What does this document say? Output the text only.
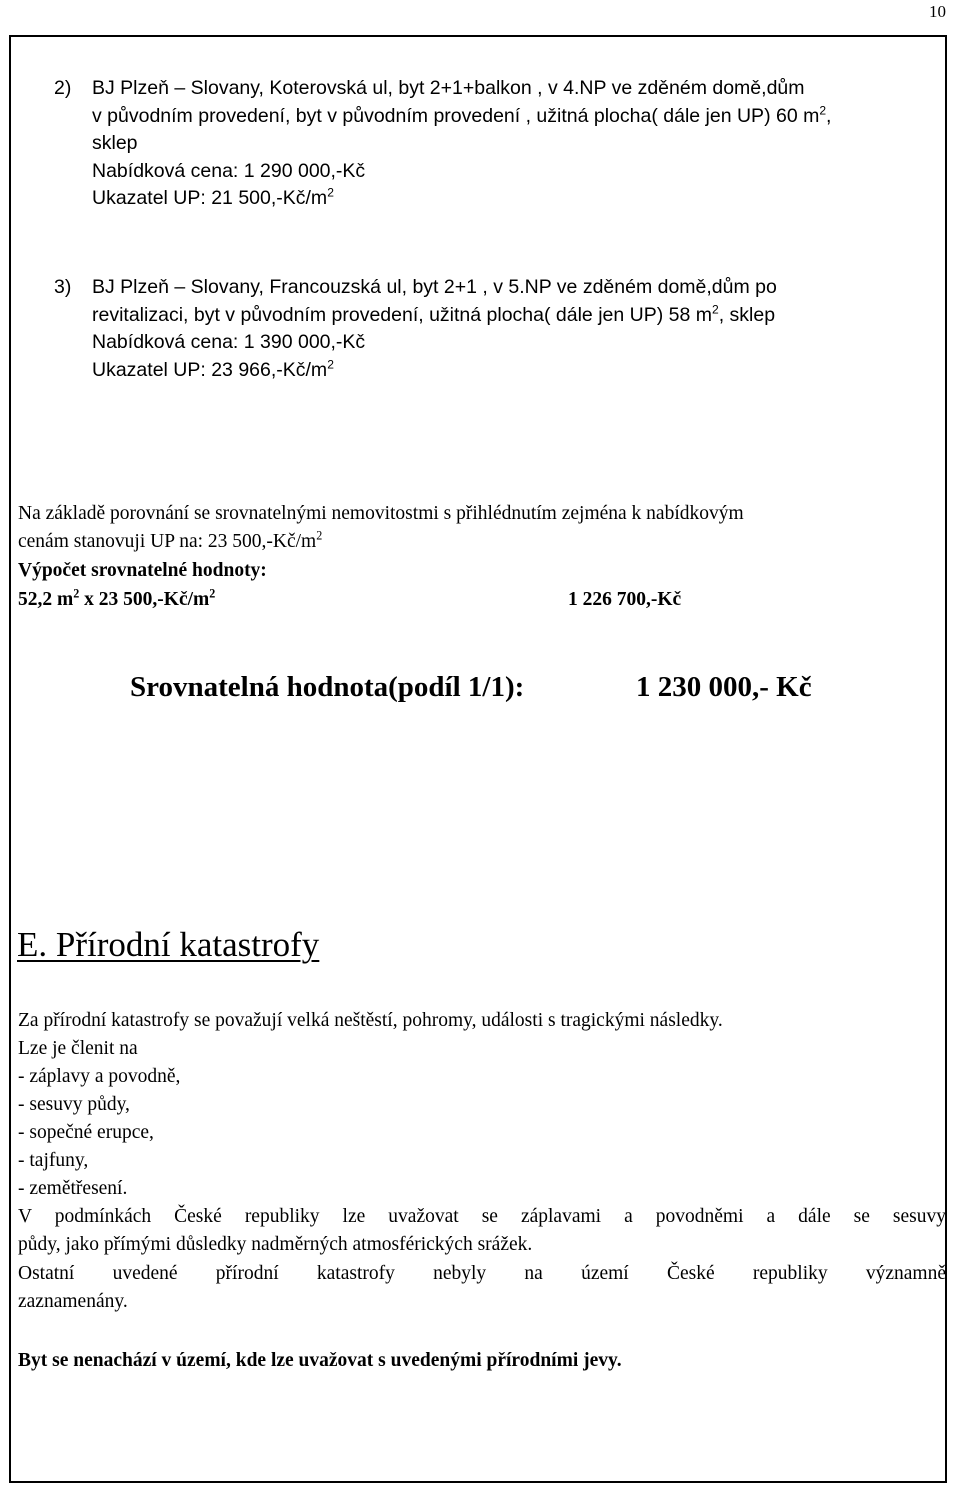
10
2) BJ Plzeň – Slovany, Koterovská ul, byt 2+1+balkon , v 4.NP ve zděném domě,dům
v původním provedení, byt v původním provedení , užitná plocha( dále jen UP) 60 $m^2$,
sklep
Nabídková cena: 1 290 000,-Kč
Ukazatel UP: 21 $500,-Kč/m^2$
3) BJ Plzeň – Slovany, Francouzská ul, byt 2+1 , v 5.NP ve zděném domě,dům po
revitalizaci, byt v původním provedení, užitná plocha( dále jen UP) 58 $m^2$, sklep
Nabídková cena: 1 390 000,-Kč
Ukazatel UP: 23 $966,-Kč/m^2$
Na základě porovnání se srovnatelnými nemovitostmi s přihlédnutím zejména k nabídkovým
cenám stanovuji UP na: 23 $500,-Kč/m^2$
Výpočet srovnatelné hodnoty:
52,2 $m^2$ x 23 $500,-Kč/m^2$	1 226 700,-Kč
Srovnatelná hodnota(podíl 1/1):	1 230 000,- Kč
E. Přírodní katastrofy
Za přírodní katastrofy se považují velká neštěstí, pohromy, události s tragickými následky.
Lze je členit na
- záplavy a povodně,
- sesuvy půdy,
- sopečné erupce,
- tajfuny,
- zemětřesení.
V podmínkách České republiky lze uvažovat se záplavami a povodněmi a dále se sesuvy
půdy, jako přímými důsledky nadměrných atmosférických srážek.
Ostatní uvedené přírodní katastrofy nebyly na území České republiky významně
zaznamenány.
Byt se nenachází v území, kde lze uvažovat s uvedenými přírodními jevy.
